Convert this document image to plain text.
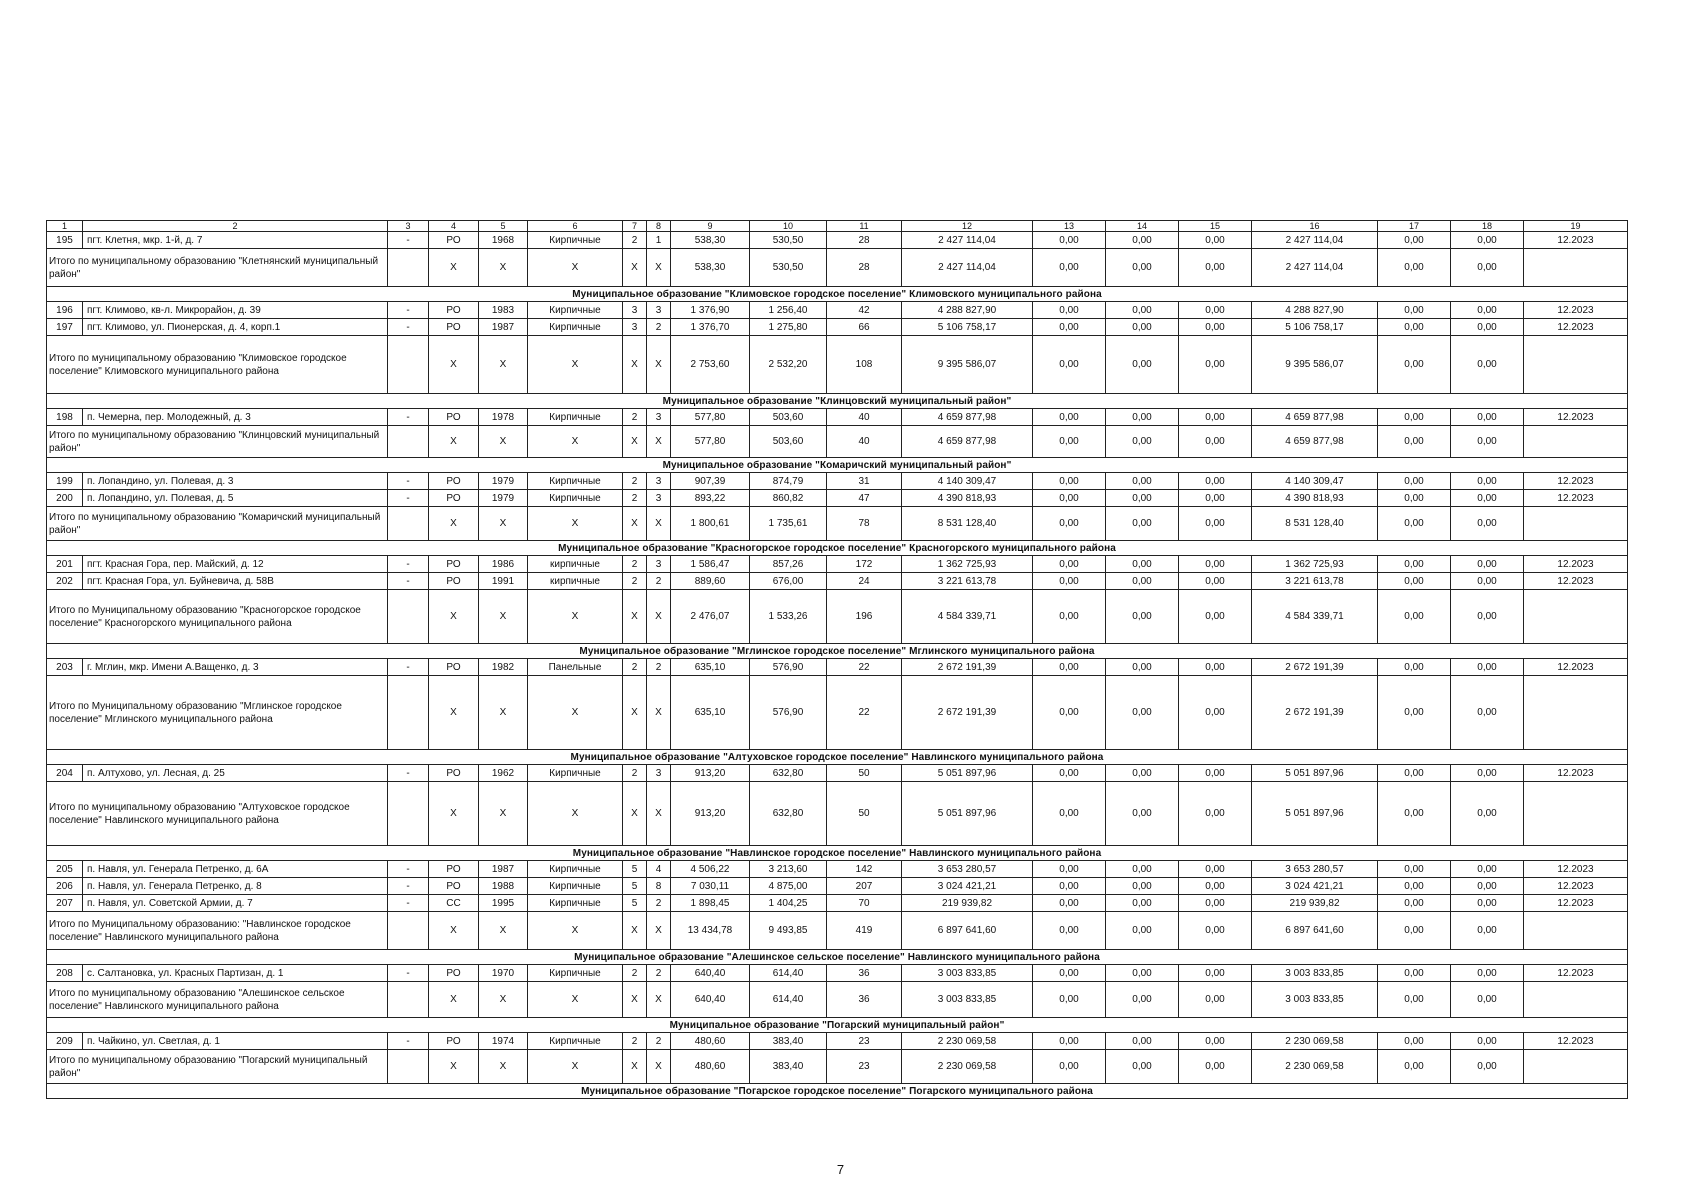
1	2	3	4	5	6	7	8	9	10	11	12	13	14	15	16	17	18	19
195	пгт. Клетня, мкр. 1-й, д. 7	-	РО	1968	Кирпичные	2	1	538,30	530,50	28	2 427 114,04	0,00	0,00	0,00	2 427 114,04	0,00	0,00	12.2023
Итого по муниципальному образованию "Клетнянский муниципальный район"			X	X	X	X	X	538,30	530,50	28	2 427 114,04	0,00	0,00	0,00	2 427 114,04	0,00	0,00	
Муниципальное образование "Климовское городское поселение" Климовского муниципального района																		
196	пгт. Климово, кв-л. Микрорайон, д. 39	-	РО	1983	Кирпичные	3	3	1 376,90	1 256,40	42	4 288 827,90	0,00	0,00	0,00	4 288 827,90	0,00	0,00	12.2023
197	пгт. Климово, ул. Пионерская, д. 4, корп.1	-	РО	1987	Кирпичные	3	2	1 376,70	1 275,80	66	5 106 758,17	0,00	0,00	0,00	5 106 758,17	0,00	0,00	12.2023
Итого по муниципальному образованию "Климовское городское поселение" Климовского муниципального района			X	X	X	X	X	2 753,60	2 532,20	108	9 395 586,07	0,00	0,00	0,00	9 395 586,07	0,00	0,00	
Муниципальное образование "Клинцовский муниципальный район"																		
198	п. Чемерна, пер. Молодежный, д. 3	-	РО	1978	Кирпичные	2	3	577,80	503,60	40	4 659 877,98	0,00	0,00	0,00	4 659 877,98	0,00	0,00	12.2023
Итого по муниципальному образованию "Клинцовский муниципальный район"			X	X	X	X	X	577,80	503,60	40	4 659 877,98	0,00	0,00	0,00	4 659 877,98	0,00	0,00	
Муниципальное образование "Комаричский муниципальный район"																		
199	п. Лопандино, ул. Полевая, д. 3	-	РО	1979	Кирпичные	2	3	907,39	874,79	31	4 140 309,47	0,00	0,00	0,00	4 140 309,47	0,00	0,00	12.2023
200	п. Лопандино, ул. Полевая, д. 5	-	РО	1979	Кирпичные	2	3	893,22	860,82	47	4 390 818,93	0,00	0,00	0,00	4 390 818,93	0,00	0,00	12.2023
Итого по муниципальному образованию "Комаричский муниципальный район"			X	X	X	X	X	1 800,61	1 735,61	78	8 531 128,40	0,00	0,00	0,00	8 531 128,40	0,00	0,00	
Муниципальное образование "Красногорское городское поселение" Красногорского муниципального района																		
201	пгт. Красная Гора, пер. Майский, д. 12	-	РО	1986	кирпичные	2	3	1 586,47	857,26	172	1 362 725,93	0,00	0,00	0,00	1 362 725,93	0,00	0,00	12.2023
202	пгт. Красная Гора, ул. Буйневича, д. 58В	-	РО	1991	кирпичные	2	2	889,60	676,00	24	3 221 613,78	0,00	0,00	0,00	3 221 613,78	0,00	0,00	12.2023
Итого по Муниципальному образованию "Красногорское городское поселение" Красногорского муниципального района			X	X	X	X	X	2 476,07	1 533,26	196	4 584 339,71	0,00	0,00	0,00	4 584 339,71	0,00	0,00	
Муниципальное образование "Мглинское городское поселение" Мглинского муниципального района																		
203	г. Мглин, мкр. Имени А.Ващенко, д. 3	-	РО	1982	Панельные	2	2	635,10	576,90	22	2 672 191,39	0,00	0,00	0,00	2 672 191,39	0,00	0,00	12.2023
Итого по Муниципальному образованию "Мглинское городское поселение" Мглинского муниципального района			X	X	X	X	X	635,10	576,90	22	2 672 191,39	0,00	0,00	0,00	2 672 191,39	0,00	0,00	
Муниципальное образование "Алтуховское городское поселение" Навлинского муниципального района																		
204	п. Алтухово, ул. Лесная, д. 25	-	РО	1962	Кирпичные	2	3	913,20	632,80	50	5 051 897,96	0,00	0,00	0,00	5 051 897,96	0,00	0,00	12.2023
Итого по муниципальному образованию "Алтуховское городское поселение" Навлинского муниципального района			X	X	X	X	X	913,20	632,80	50	5 051 897,96	0,00	0,00	0,00	5 051 897,96	0,00	0,00	
Муниципальное образование "Навлинское городское поселение" Навлинского муниципального района																		
205	п. Навля, ул. Генерала Петренко, д. 6А	-	РО	1987	Кирпичные	5	4	4 506,22	3 213,60	142	3 653 280,57	0,00	0,00	0,00	3 653 280,57	0,00	0,00	12.2023
206	п. Навля, ул. Генерала Петренко, д. 8	-	РО	1988	Кирпичные	5	8	7 030,11	4 875,00	207	3 024 421,21	0,00	0,00	0,00	3 024 421,21	0,00	0,00	12.2023
207	п. Навля, ул. Советской Армии, д. 7	-	СС	1995	Кирпичные	5	2	1 898,45	1 404,25	70	219 939,82	0,00	0,00	0,00	219 939,82	0,00	0,00	12.2023
Итого по Муниципальному образованию: "Навлинское городское поселение" Навлинского муниципального района			X	X	X	X	X	13 434,78	9 493,85	419	6 897 641,60	0,00	0,00	0,00	6 897 641,60	0,00	0,00	
Муниципальное образование "Алешинское сельское поселение" Навлинского муниципального района																		
208	с. Салтановка, ул. Красных Партизан, д. 1	-	РО	1970	Кирпичные	2	2	640,40	614,40	36	3 003 833,85	0,00	0,00	0,00	3 003 833,85	0,00	0,00	12.2023
Итого по муниципальному образованию "Алешинское сельское поселение" Навлинского муниципального района			X	X	X	X	X	640,40	614,40	36	3 003 833,85	0,00	0,00	0,00	3 003 833,85	0,00	0,00	
Муниципальное образование "Погарский муниципальный район"																		
209	п. Чайкино, ул. Светлая, д. 1	-	РО	1974	Кирпичные	2	2	480,60	383,40	23	2 230 069,58	0,00	0,00	0,00	2 230 069,58	0,00	0,00	12.2023
Итого по муниципальному образованию "Погарский муниципальный район"			X	X	X	X	X	480,60	383,40	23	2 230 069,58	0,00	0,00	0,00	2 230 069,58	0,00	0,00	
Муниципальное образование "Погарское городское поселение" Погарского муниципального района																		
7
